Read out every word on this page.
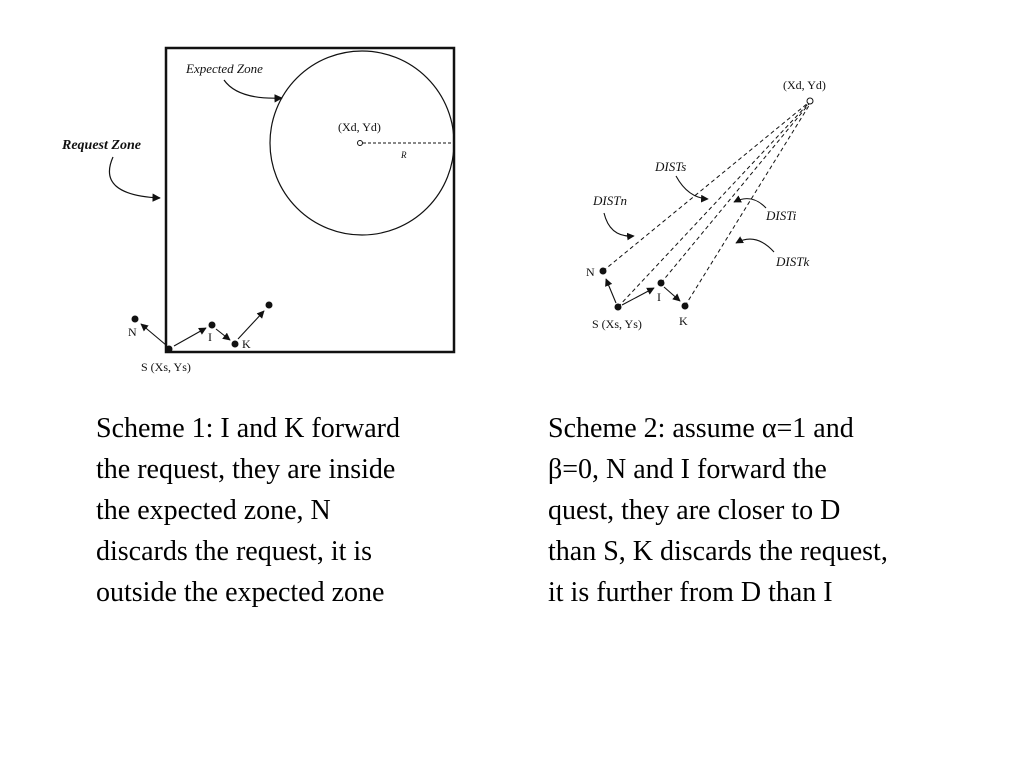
(Xd, Yd)
R
Expected Zone
Request Zone
N	I	K
S (Xs, Ys)
(Xd, Yd)
N
I
K
S (Xs, Ys)
DISTs
DISTn
DISTi
DISTk

Scheme 1: I and K forward
the request, they are inside
the expected zone, N
discards the request, it is
outside the expected zone

Scheme 2: assume α=1 and
β=0, N and I forward the
quest, they are closer to D
than S, K discards the request,
it is further from D than I
